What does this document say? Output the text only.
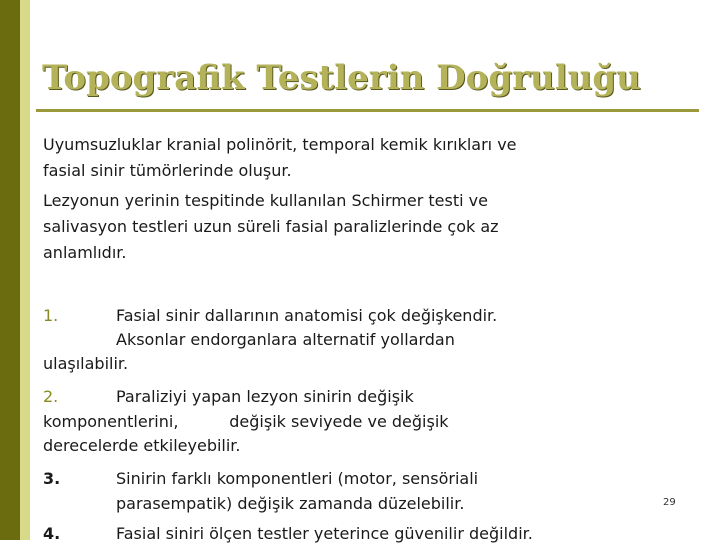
Topografik Testlerin Doğruluğu

Uyumsuzluklar kranial polinörit, temporal kemik kırıkları ve

fasial sinir tümörlerinde oluşur.

Lezyonun yerinin tespitinde kullanılan Schirmer testi ve

salivasyon testleri uzun süreli fasial paralizlerinde çok az

anlamlıdır.

1.	Fasial sinir dallarının anatomisi çok değişkendir.

Aksonlar endorganlara alternatif yollardan

ulaşılabilir.

2.	Paraliziyi yapan lezyon sinirin değişik

komponentlerini,          değişik seviyede ve değişik

derecelerde etkileyebilir.

3.	Sinirin farklı komponentleri (motor, sensöriali

parasempatik) değişik zamanda düzelebilir.

4.	Fasial siniri ölçen testler yeterince güvenilir değildir.

29
